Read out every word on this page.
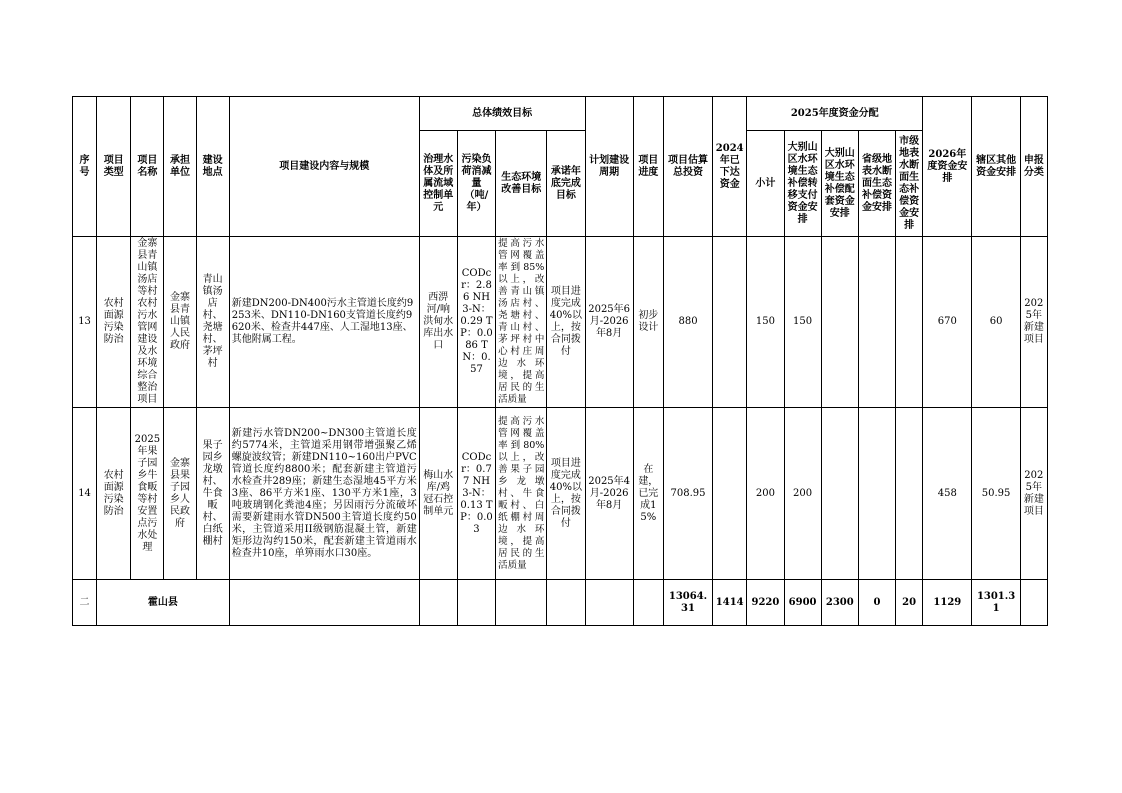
序号	项目类型	项目名称	承担单位	建设地点	项目建设内容与规模	总体绩效目标				计划建设周期	项目进度	项目估算总投资	2024年已下达资金	2025年度资金分配					2026年度资金安排	辖区其他资金安排	申报分类
						治理水体及所属流域控制单元	污染负荷消减量（吨/年）	生态环境改善目标	承诺年底完成目标					小计	大别山区水环境生态补偿转移支付资金安排	大别山区水环境生态补偿配套资金安排	省级地表水断面生态补偿资金安排	市级地表水断面生态补偿资金安排			
13	农村面源污染防治	金寨县青山镇汤店等村农村污水管网建设及水环境综合整治项目	金寨县青山镇人民政府	青山镇汤店村、尧塘村、茅坪村	新建DN200-DN400污水主管道长度约9253米、DN110-DN160支管道长度约9620米、检查井447座、人工湿地13座、其他附属工程。	西淠河/响洪甸水库出水口	CODcr：2.86 NH3-N：0.29 TP：0.086 TN：0.57	提高污水管网覆盖率到85%以上，改善青山镇汤店村、尧塘村、青山村、茅坪村中心村庄周边水环境，提高居民的生活质量	项目进度完成40%以上，按合同拨付	2025年6月-2026年8月	初步设计	880		150	150				670	60	2025年新建项目
14	农村面源污染防治	2025年果子园乡牛食畈等村安置点污水处理	金寨县果子园乡人民政府	果子园乡龙墩村、牛食畈村、白纸棚村	新建污水管DN200~DN300主管道长度约5774米，主管道采用钢带增强聚乙烯螺旋波纹管；新建DN110~160出户PVC管道长度约8800米；配套新建主管道污水检查井289座；新建生态湿地45平方米3座、86平方米1座、130平方米1座，3吨玻璃钢化粪池4座；另因雨污分流破坏需要新建雨水管DN500主管道长度约50米，主管道采用II级钢筋混凝土管，新建矩形边沟约150米，配套新建主管道雨水检查井10座，单箅雨水口30座。	梅山水库/鸡冠石控制单元	CODcr：0.77 NH3-N：0.13 TP：0.03	提高污水管网覆盖率到80%以上，改善果子园乡龙墩村、牛食畈村、白纸棚村周边水环境，提高居民的生活质量	项目进度完成40%以上，按合同拨付	2025年4月-2026年8月	在建，已完成15%	708.95		200	200				458	50.95	2025年新建项目
二	霍山县											13064.31	1414	9220	6900	2300	0	20	1129	1301.31	
